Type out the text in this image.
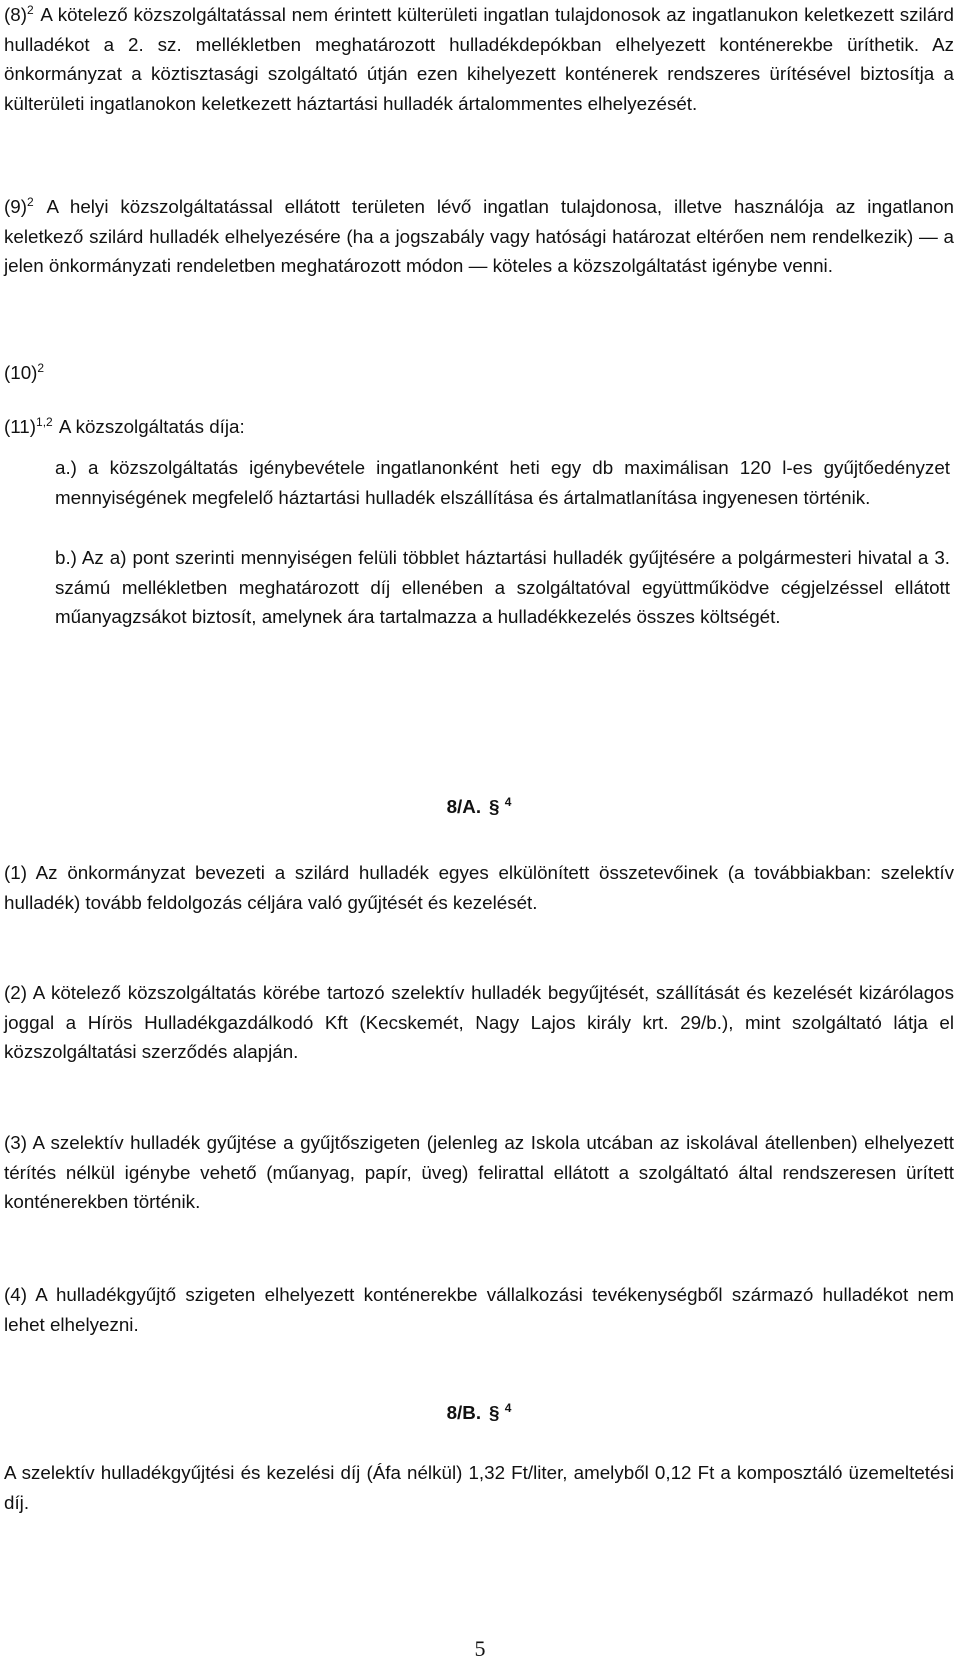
$(8)^2$ A kötelező közszolgáltatással nem érintett külterületi ingatlan tulajdonosok az ingatlanukon keletkezett szilárd hulladékot a 2. sz. mellékletben meghatározott hulladékdepókban elhelyezett konténerekbe üríthetik. Az önkormányzat a köztisztasági szolgáltató útján ezen kihelyezett konténerek rendszeres ürítésével biztosítja a külterületi ingatlanokon keletkezett háztartási hulladék ártalommentes elhelyezését.

$(9)^2$ A helyi közszolgáltatással ellátott területen lévő ingatlan tulajdonosa, illetve használója az ingatlanon keletkező szilárd hulladék elhelyezésére (ha a jogszabály vagy hatósági határozat eltérően nem rendelkezik) — a jelen önkormányzati rendeletben meghatározott módon — köteles a közszolgáltatást igénybe venni.

$(10)^2$

$(11)^{1,2}$ A közszolgáltatás díja:

a.) a közszolgáltatás igénybevétele ingatlanonként heti egy db maximálisan 120 l-es gyűjtőedényzet mennyiségének megfelelő háztartási hulladék elszállítása és ártalmatlanítása ingyenesen történik.

b.) Az a) pont szerinti mennyiségen felüli többlet háztartási hulladék gyűjtésére a polgármesteri hivatal a 3. számú mellékletben meghatározott díj ellenében a szolgáltatóval együttműködve cégjelzéssel ellátott műanyagzsákot biztosít, amelynek ára tartalmazza a hulladékkezelés összes költségét.

8/A. § $^4$

(1) Az önkormányzat bevezeti a szilárd hulladék egyes elkülönített összetevőinek (a továbbiakban: szelektív hulladék) tovább feldolgozás céljára való gyűjtését és kezelését.

(2) A kötelező közszolgáltatás körébe tartozó szelektív hulladék begyűjtését, szállítását és kezelését kizárólagos joggal a Hírös Hulladékgazdálkodó Kft (Kecskemét, Nagy Lajos király krt. 29/b.), mint szolgáltató látja el közszolgáltatási szerződés alapján.

(3) A szelektív hulladék gyűjtése a gyűjtőszigeten (jelenleg az Iskola utcában az iskolával átellenben) elhelyezett térítés nélkül igénybe vehető (műanyag, papír, üveg) felirattal ellátott a szolgáltató által rendszeresen ürített konténerekben történik.

(4) A hulladékgyűjtő szigeten elhelyezett konténerekbe vállalkozási tevékenységből származó hulladékot nem lehet elhelyezni.

8/B. § $^4$

A szelektív hulladékgyűjtési és kezelési díj (Áfa nélkül) 1,32 Ft/liter, amelyből 0,12 Ft a komposztáló üzemeltetési díj.

5
